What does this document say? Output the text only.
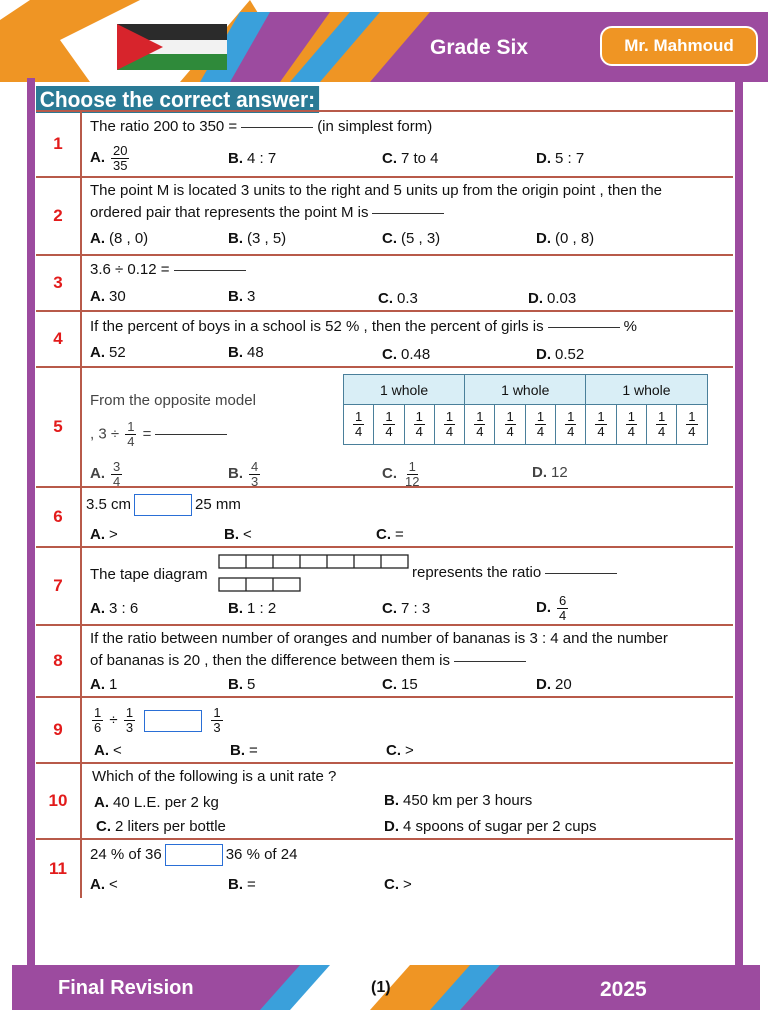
Grade Six	Mr. Mahmoud
Choose the correct answer:
1
The ratio 200 to 350 =	(in simplest form)
A. $\frac{20}{35}$	B. 4 : 7	C. 7 to 4	D. 5 : 7
2
The point M is located 3 units to the right and 5 units up from the origin point , then the
ordered pair that represents the point M is
A. (8 , 0)	B. (3 , 5)	C. (5 , 3)	D. (0 , 8)
3
3.6 ÷ 0.12 =
A. 30	B. 3	C. 0.3	D. 0.03
4
If the percent of boys in a school is 52 % , then the percent of girls is	%
A. 52	B. 48	C. 0.48	D. 0.52
5
From the opposite model
, $3 \div \frac{1}{4}$ =
1 whole				1 whole				1 whole			

$\frac{1}{4}$	$\frac{1}{4}$	$\frac{1}{4}$	$\frac{1}{4}$	$\frac{1}{4}$	$\frac{1}{4}$	$\frac{1}{4}$	$\frac{1}{4}$	$\frac{1}{4}$	$\frac{1}{4}$	$\frac{1}{4}$	$\frac{1}{4}$
A. $\frac{3}{4}$	B. $\frac{4}{3}$	C. $\frac{1}{12}$	D. 12
6
3.5 cm	25 mm
A. >	B. <	C. =
7
The tape diagram	represents the ratio
A. 3 : 6	B. 1 : 2	C. 7 : 3	D. $\frac{6}{4}$
8
If the ratio between number of oranges and number of bananas is 3 : 4 and the number
of bananas is 20 , then the difference between them is
A. 1	B. 5	C. 15	D. 20
9	$\frac{1}{6} \div \frac{1}{3}$
	$\frac{1}{3}$
A. <	B. =	C. >
10
Which of the following is a unit rate ?
A. 40 L.E. per 2 kg	B. 450 km per 3 hours
C. 2 liters per bottle	D. 4 spoons of sugar per 2 cups
11
24 % of 36	36 % of 24
A. <	B. =	C. >
Final Revision	(1)	2025
